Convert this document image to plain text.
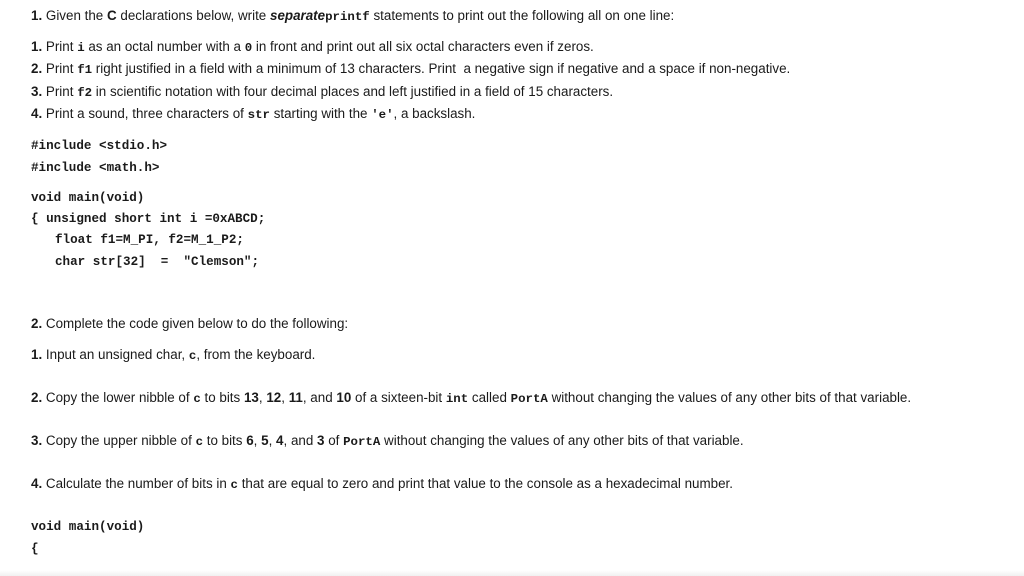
1. Given the C declarations below, write separateprintf statements to print out the following all on one line:
1. Print i as an octal number with a 0 in front and print out all six octal characters even if zeros.
2. Print f1 right justified in a field with a minimum of 13 characters. Print  a negative sign if negative and a space if non-negative.
3. Print f2 in scientific notation with four decimal places and left justified in a field of 15 characters.
4. Print a sound, three characters of str starting with the 'e', a backslash.
#include <stdio.h>
#include <math.h>
void main(void)
{ unsigned short int i =0xABCD;
float f1=M_PI, f2=M_1_P2;
char str[32]  =  "Clemson";
2. Complete the code given below to do the following:
1. Input an unsigned char, c, from the keyboard.
2. Copy the lower nibble of c to bits 13, 12, 11, and 10 of a sixteen-bit int called PortA without changing the values of any other bits of that variable.
3. Copy the upper nibble of c to bits 6, 5, 4, and 3 of PortA without changing the values of any other bits of that variable.
4. Calculate the number of bits in c that are equal to zero and print that value to the console as a hexadecimal number.
void main(void)
{
